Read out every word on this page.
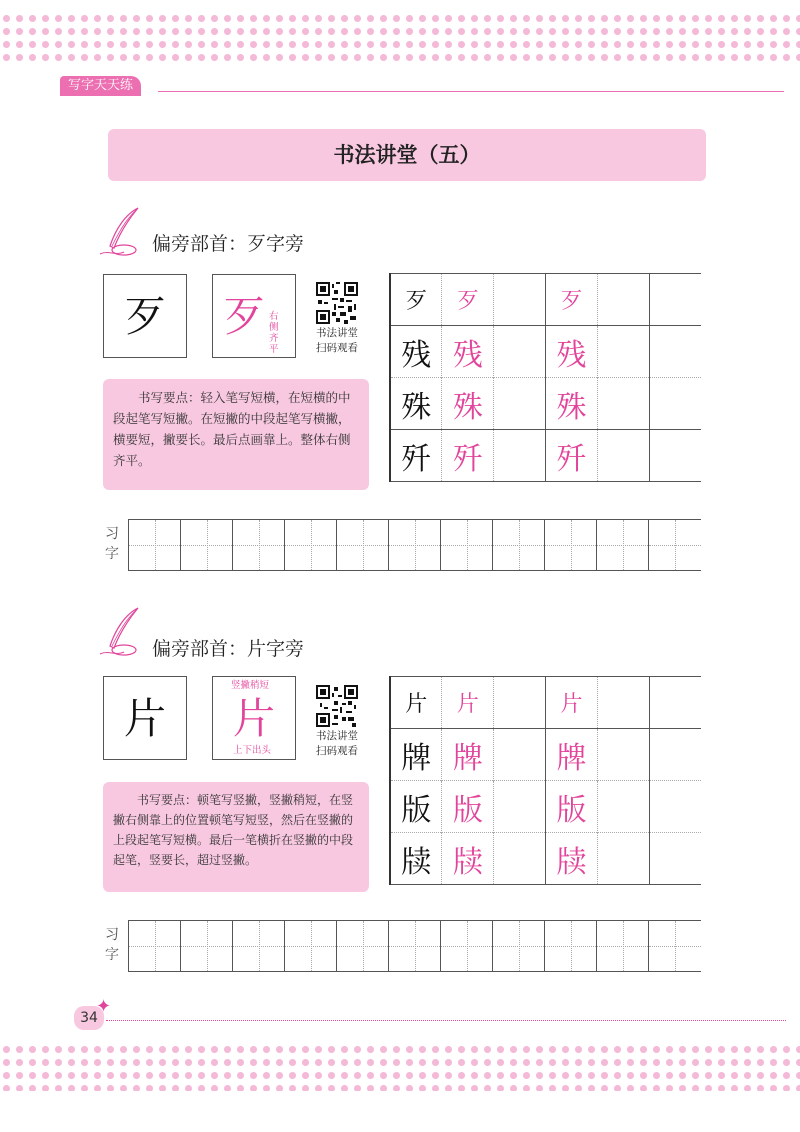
写字天天练
书法讲堂（五）
偏旁部首：歹字旁
歹	歹 右侧齐平
书法讲堂
扫码观看
书写要点：轻入笔写短横，在短横的中段起笔写短撇。在短撇的中段起笔写横撇，横要短，撇要长。最后点画靠上。整体右侧齐平。
歹	歹		歹		
残	残		残		
殊	殊		殊		
歼	歼		歼		
习
字
偏旁部首：片字旁
片
竖撇稍短
片
上下出头
书法讲堂
扫码观看
书写要点：顿笔写竖撇，竖撇稍短，在竖撇右侧靠上的位置顿笔写短竖，然后在竖撇的上段起笔写短横。最后一笔横折在竖撇的中段起笔，竖要长，超过竖撇。
片	片		片		
牌	牌		牌		
版	版		版		
牍	牍		牍		
习
字
34
✦
